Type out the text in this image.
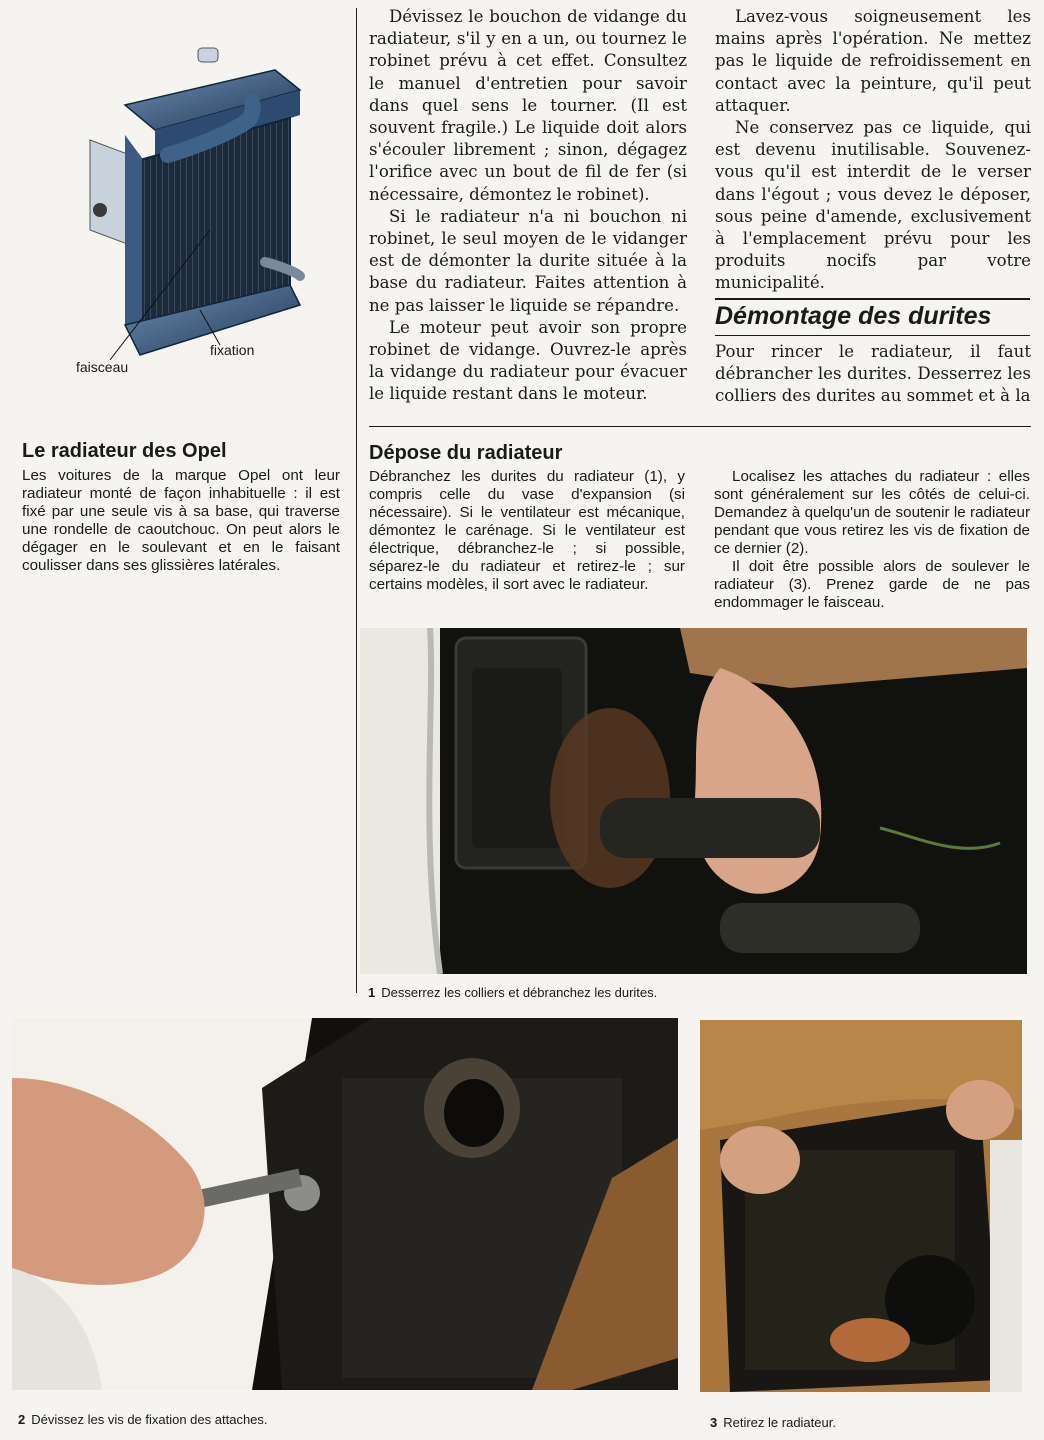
faisceau
fixation
Le radiateur des Opel

Les voitures de la marque Opel ont leur radiateur monté de façon inhabituelle : il est fixé par une seule vis à sa base, qui traverse une rondelle de caoutchouc. On peut alors le dégager en le soulevant et en le faisant coulisser dans ses glissières latérales.

Dévissez le bouchon de vidange du radiateur, s'il y en a un, ou tournez le robinet prévu à cet effet. Consultez le manuel d'entretien pour savoir dans quel sens le tourner. (Il est souvent fragile.) Le liquide doit alors s'écouler librement ; sinon, dégagez l'orifice avec un bout de fil de fer (si nécessaire, démontez le robinet).

Si le radiateur n'a ni bouchon ni robinet, le seul moyen de le vidanger est de démonter la durite située à la base du radiateur. Faites attention à ne pas laisser le liquide se répandre.

Le moteur peut avoir son propre robinet de vidange. Ouvrez-le après la vidange du radiateur pour évacuer le liquide restant dans le moteur.

Lavez-vous soigneusement les mains après l'opération. Ne mettez pas le liquide de refroidissement en contact avec la peinture, qu'il peut attaquer.

Ne conservez pas ce liquide, qui est devenu inutilisable. Souvenez-vous qu'il est interdit de le verser dans l'égout ; vous devez le déposer, sous peine d'amende, exclusivement à l'emplacement prévu pour les produits nocifs par votre municipalité.

Démontage des durites

Pour rincer le radiateur, il faut débrancher les durites. Desserrez les colliers des durites au sommet et à la

Dépose du radiateur

Débranchez les durites du radiateur (1), y compris celle du vase d'expansion (si nécessaire). Si le ventilateur est mécanique, démontez le carénage. Si le ventilateur est électrique, débranchez-le ; si possible, séparez-le du radiateur et retirez-le ; sur certains modèles, il sort avec le radiateur.

Localisez les attaches du radiateur : elles sont généralement sur les côtés de celui-ci. Demandez à quelqu'un de soutenir le radiateur pendant que vous retirez les vis de fixation de ce dernier (2).

Il doit être possible alors de soulever le radiateur (3). Prenez garde de ne pas endommager le faisceau.

1 Desserrez les colliers et débranchez les durites.
2 Dévissez les vis de fixation des attaches.	3 Retirez le radiateur.
